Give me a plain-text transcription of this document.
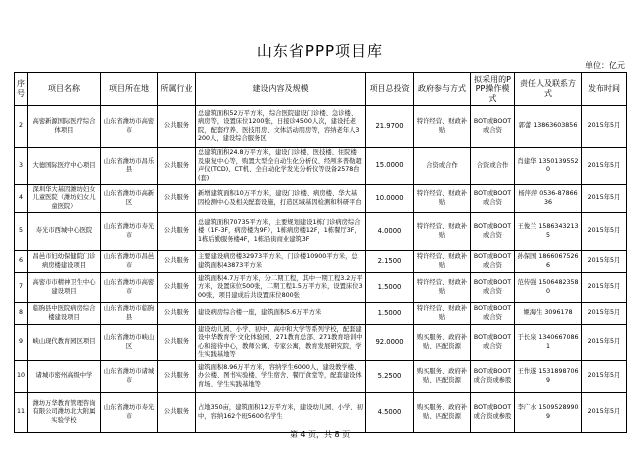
山东省PPP项目库
单位：亿元
序号	项目名称	项目所在地	所属行业	建设内容及规模	项目总投资	政府参与方式	拟采用的PPP操作模式	责任人及联系方式	发布时间
2	高密新源国际医疗综合体项目	山东省潍坊市高密市	公共服务	总建筑面积52万平方米，综合医院建设门诊楼、急诊楼、病房等，设置床位1200张，日接诊4500人次，建设托老院，配套疗养、医技用房、文体活动用房等，容纳老年人3200人，建设综合服务区	21.9700	特许经营、财政补贴	BOT或BOOT或合资	郭蕾 13863603856	2015年5月
3	大德国际医疗中心项目	山东省潍坊市昌乐县	公共服务	总建筑面积24.8万平方米，建设门诊楼、医技楼、住院楼及康复中心等，购置大型全自动生化分析仪、经颅多普勒超声仪(TCD)、CT机、全自动化学发光分析仪等设备2578台(套)	15.0000	合资或合作	合资或合作	肖建华 13501395520	2015年5月
4	深圳华大基因潍坊妇女儿童医院（潍坊妇女儿童医院）	山东省潍坊市高新区	公共服务	新增建筑面积10万平方米，建设门诊楼、病房楼、华大基因检测中心及相关配套设施，打造区域基因检测和科研平台	10.0000	特许经营、财政补贴	BOT或BOOT或合资	杨萍萍 0536-8786636	2015年5月
5	寿光市西城中心医院	山东省潍坊市寿光市	公共服务	总建筑面积70735平方米，主要规划建设1栋门诊病房综合楼（1F-3F，病房楼为9F），1栋病房楼12F，1栋餐厅3F，1栋后勤服务楼4F，1栋沿街商业建筑3F	4.0000	特许经营、财政补贴	BOT或BOOT或合资	王俊兰 15863432135	2015年5月
6	昌邑市妇幼保健院门诊病房楼建设项目	山东省潍坊市昌邑市	公共服务	主要建设病房楼32973平方米，门诊楼10900平方米，总建筑面积43873平方米	2.1500	特许经营、财政补贴	BOT或BOOT或合资	孙保国 18660675266	2015年5月
7	高密市市精神卫生中心建设项目	山东省潍坊市高密市	公共服务	建筑面积4.7万平方米，分二期工程，其中一期工程3.2万平方米，设置床位500张，二期工程1.5万平方米，设置床位300张，项目建成后共设置床位800张	1.5000	特许经营、财政补贴	BOT或BOOT或合资	范传强 15064823580	2015年5月
8	临朐县中医院病房综合楼建设项目	山东省潍坊市临朐县	公共服务	建设病房综合楼一座，建筑面积5.6万平方米	1.5000	特许经营、财政补贴	BOT或BOOT或合资	姬海生 3096178	2015年5月
9	峡山现代教育园区项目	山东省潍坊市峡山区	公共服务	建设幼儿园、小学、初中、高中和大学等系列学校，配套建设中华教育学·文化体验园、271教育总部、271教育培训中心和接待中心，教师公寓、专家公寓，教育发展研究院，学生实践基地等	92.0000	购买服务、政府补贴、匹配资源	BOT或BOOT或合资	于长泉 13406670861	2015年5月
10	诸城市密州高级中学	山东省潍坊市诸城市	公共服务	建筑面积8.96万平方米，容纳学生6000人，建设教学楼、办公楼、图书实验楼、学生宿舍、餐厅食堂等，配套建设体育场、学生实践基地等	5.2500	购买服务、政府补贴、匹配资源	BOT或BOOT或合资或参股	王作遂 15318987069	2015年5月
11	潍坊万华教育管理咨询有限公司潍坊北大附属实验学校	山东省潍坊市寿光市	公共服务	占地350亩，建筑面积12万平方米，建设幼儿园、小学、初中，容纳162个班5600名学生	4.5000	购买服务、政府补贴、匹配资源	BOT或BOOT或合资或参股	李广水 15095289909	2015年5月
第 4 页，共 8 页
